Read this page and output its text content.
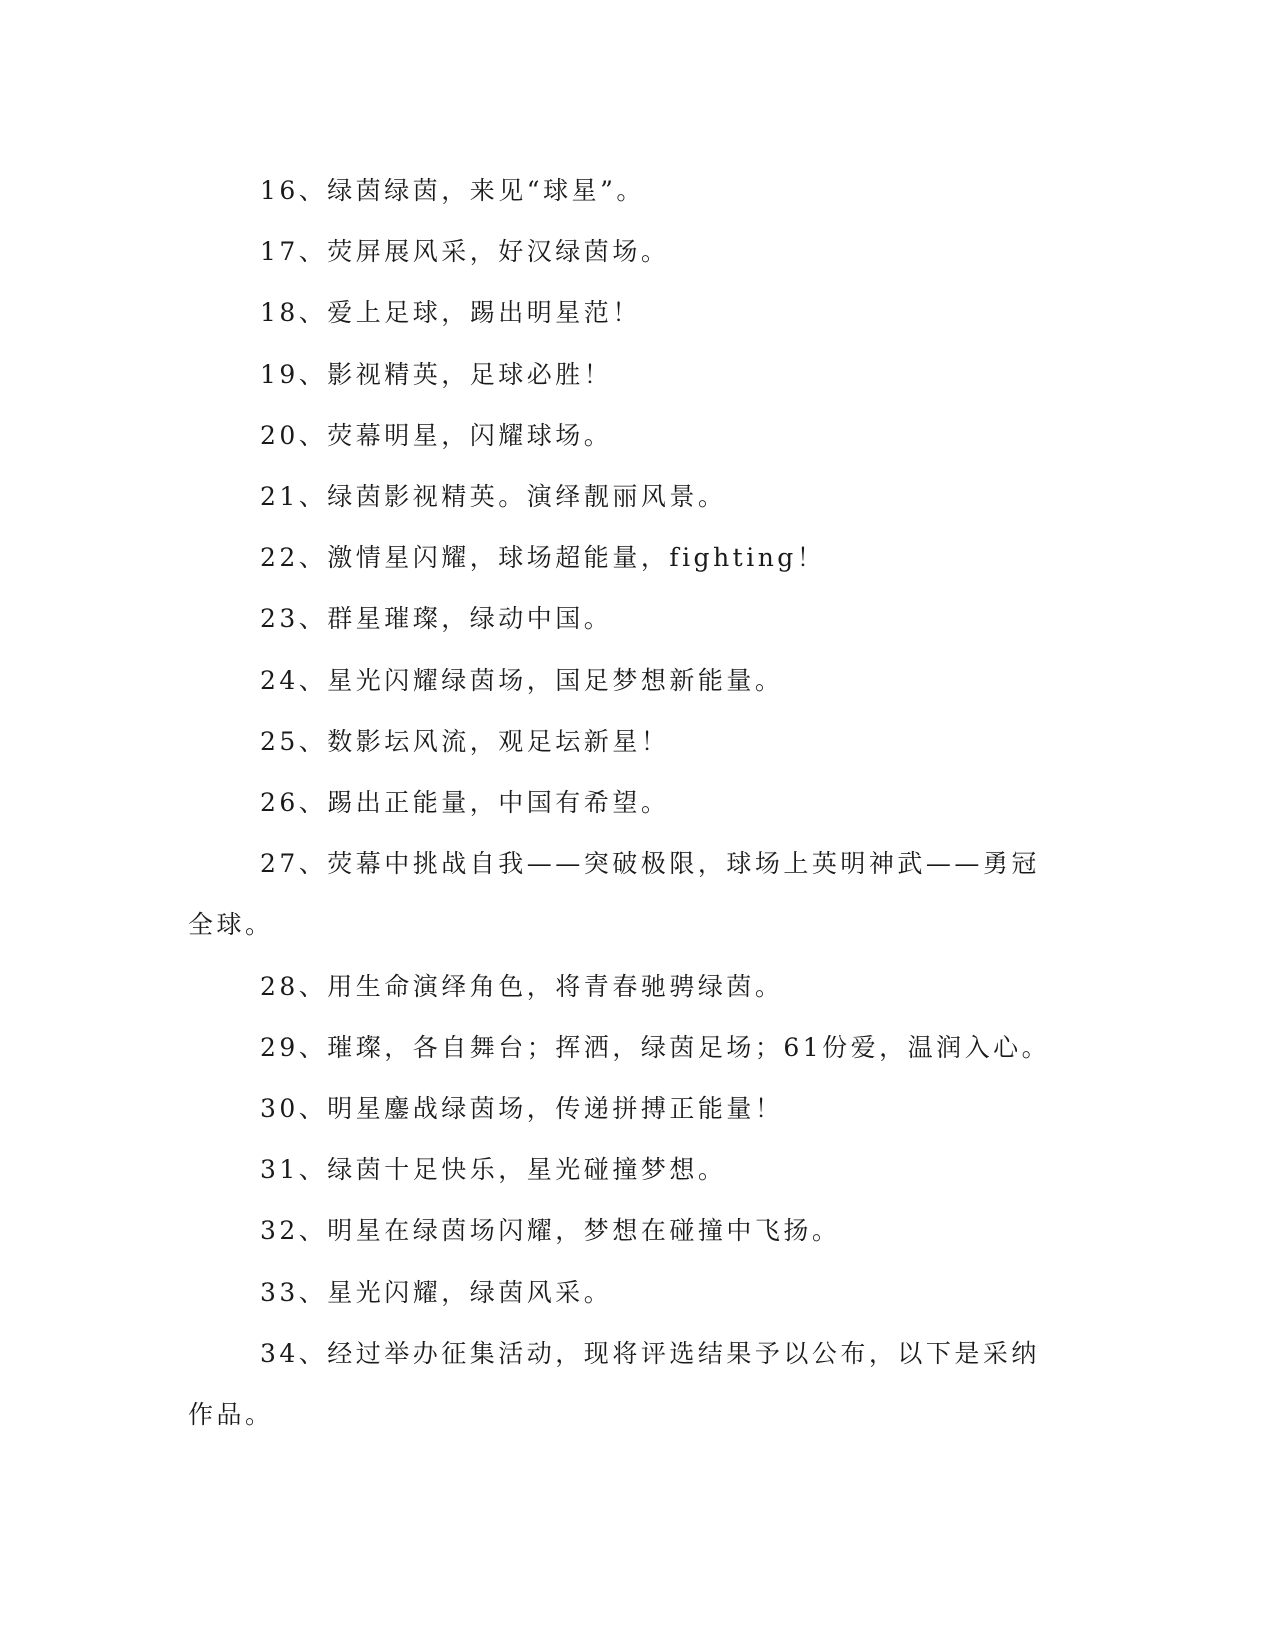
16、绿茵绿茵，来见“球星”。

17、荧屏展风采，好汉绿茵场。

18、爱上足球，踢出明星范！

19、影视精英，足球必胜！

20、荧幕明星，闪耀球场。

21、绿茵影视精英。演绎靓丽风景。

22、激情星闪耀，球场超能量，fighting！

23、群星璀璨，绿动中国。

24、星光闪耀绿茵场，国足梦想新能量。

25、数影坛风流，观足坛新星！

26、踢出正能量，中国有希望。

27、荧幕中挑战自我——突破极限，球场上英明神武——勇冠全球。

28、用生命演绎角色，将青春驰骋绿茵。

29、璀璨，各自舞台；挥洒，绿茵足场；61份爱，温润入心。

30、明星鏖战绿茵场，传递拼搏正能量！

31、绿茵十足快乐，星光碰撞梦想。

32、明星在绿茵场闪耀，梦想在碰撞中飞扬。

33、星光闪耀，绿茵风采。

34、经过举办征集活动，现将评选结果予以公布，以下是采纳作品。
